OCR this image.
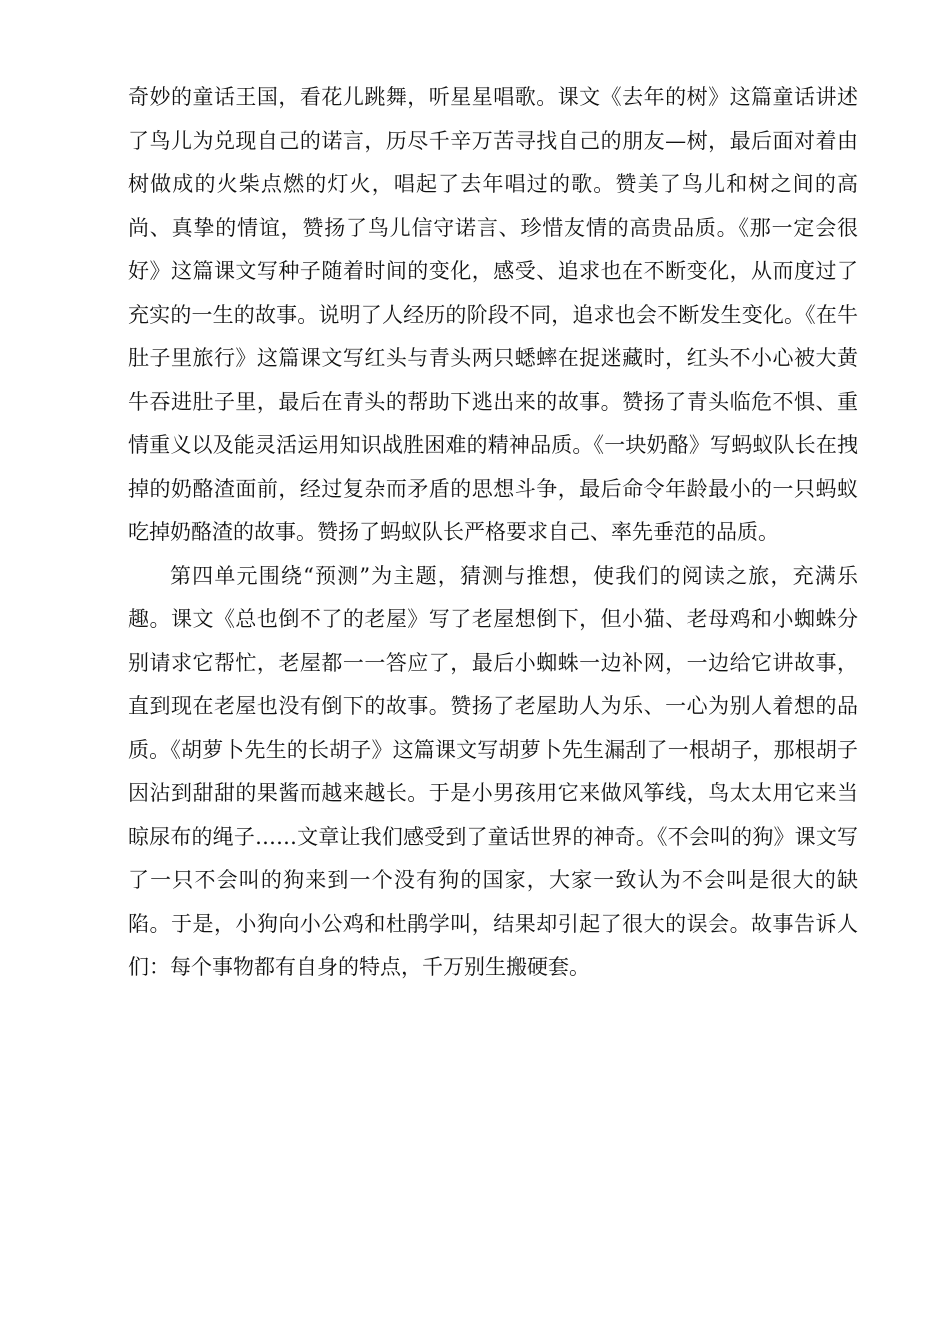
奇妙的童话王国，看花儿跳舞，听星星唱歌。课文《去年的树》这篇童话讲述了鸟儿为兑现自己的诺言，历尽千辛万苦寻找自己的朋友—树，最后面对着由树做成的火柴点燃的灯火，唱起了去年唱过的歌。赞美了鸟儿和树之间的高尚、真挚的情谊，赞扬了鸟儿信守诺言、珍惜友情的高贵品质。《那一定会很好》这篇课文写种子随着时间的变化，感受、追求也在不断变化，从而度过了充实的一生的故事。说明了人经历的阶段不同，追求也会不断发生变化。《在牛肚子里旅行》这篇课文写红头与青头两只蟋蟀在捉迷藏时，红头不小心被大黄牛吞进肚子里，最后在青头的帮助下逃出来的故事。赞扬了青头临危不惧、重情重义以及能灵活运用知识战胜困难的精神品质。《一块奶酪》写蚂蚁队长在拽掉的奶酪渣面前，经过复杂而矛盾的思想斗争，最后命令年龄最小的一只蚂蚁吃掉奶酪渣的故事。赞扬了蚂蚁队长严格要求自己、率先垂范的品质。

第四单元围绕“预测”为主题，猜测与推想，使我们的阅读之旅，充满乐趣。课文《总也倒不了的老屋》写了老屋想倒下，但小猫、老母鸡和小蜘蛛分别请求它帮忙，老屋都一一答应了，最后小蜘蛛一边补网，一边给它讲故事，直到现在老屋也没有倒下的故事。赞扬了老屋助人为乐、一心为别人着想的品质。《胡萝卜先生的长胡子》这篇课文写胡萝卜先生漏刮了一根胡子，那根胡子因沾到甜甜的果酱而越来越长。于是小男孩用它来做风筝线，鸟太太用它来当晾尿布的绳子……文章让我们感受到了童话世界的神奇。《不会叫的狗》课文写了一只不会叫的狗来到一个没有狗的国家，大家一致认为不会叫是很大的缺陷。于是，小狗向小公鸡和杜鹃学叫，结果却引起了很大的误会。故事告诉人们：每个事物都有自身的特点，千万别生搬硬套。
